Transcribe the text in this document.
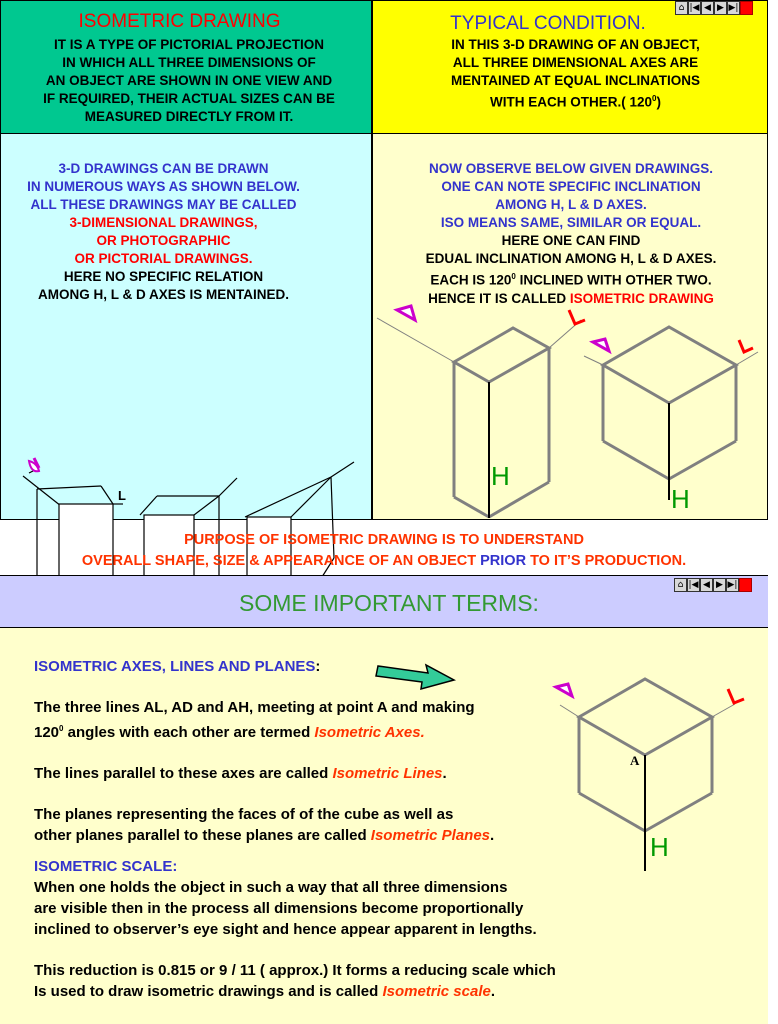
ISOMETRIC DRAWING
IT IS A TYPE OF PICTORIAL PROJECTION
IN WHICH ALL THREE DIMENSIONS OF
AN OBJECT ARE SHOWN IN ONE VIEW AND
IF REQUIRED, THEIR ACTUAL SIZES CAN BE
MEASURED DIRECTLY FROM IT.
TYPICAL CONDITION.
IN THIS 3-D DRAWING OF AN OBJECT,
ALL THREE DIMENSIONAL AXES ARE
MENTAINED AT EQUAL INCLINATIONS
WITH EACH OTHER.( $120^0$)
⌂ |◀ ◀ ▶ ▶|
3-D DRAWINGS CAN BE DRAWN
IN NUMEROUS WAYS AS SHOWN BELOW.
ALL THESE DRAWINGS MAY BE CALLED
3-DIMENSIONAL DRAWINGS,
OR PHOTOGRAPHIC
OR PICTORIAL DRAWINGS.
HERE NO SPECIFIC RELATION
AMONG H, L & D AXES IS MENTAINED.
L
NOW OBSERVE BELOW GIVEN DRAWINGS.
ONE CAN NOTE SPECIFIC INCLINATION
AMONG H, L & D AXES.
ISO MEANS SAME, SIMILAR OR EQUAL.
HERE ONE CAN FIND
EDUAL INCLINATION AMONG H, L & D AXES.
EACH IS $120^0$ INCLINED WITH OTHER TWO.
HENCE IT IS CALLED ISOMETRIC DRAWING
H
H
PURPOSE OF ISOMETRIC DRAWING IS TO UNDERSTAND
OVERALL SHAPE, SIZE & APPEARANCE OF AN OBJECT PRIOR TO IT’S PRODUCTION.
SOME IMPORTANT TERMS:
⌂ |◀ ◀ ▶ ▶|
ISOMETRIC AXES, LINES AND PLANES:
The three lines AL, AD and AH, meeting at point A and making
$120^0$ angles with each other are termed Isometric Axes.
The lines parallel to these axes are called Isometric Lines.
The planes representing the faces of of the cube as well as
other planes parallel to these planes are called Isometric Planes.
ISOMETRIC SCALE:
When one holds the object in such a way that all three dimensions
are visible then in the process all dimensions become proportionally
inclined to observer’s eye sight and hence appear apparent in lengths.
This reduction is 0.815 or 9 / 11 ( approx.) It forms a reducing scale which
Is used to draw isometric drawings and is called Isometric scale.
A
H
